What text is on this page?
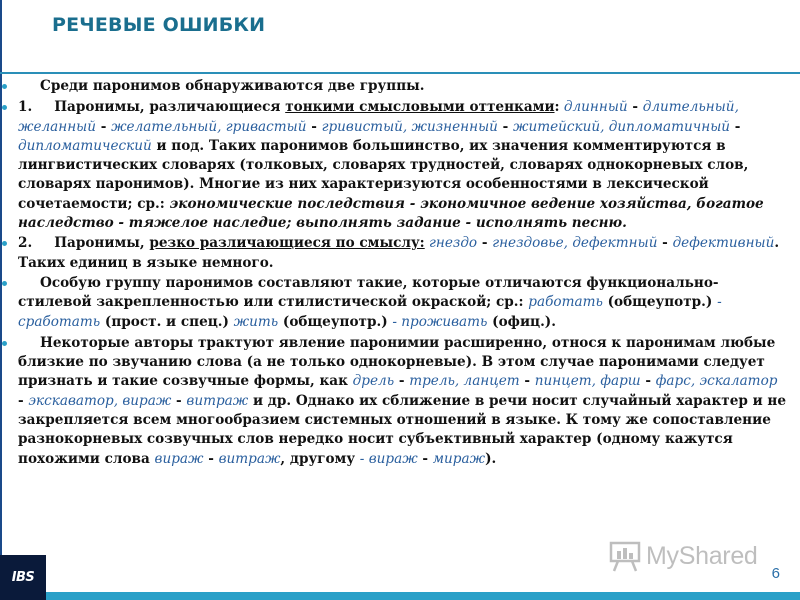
РЕЧЕВЫЕ ОШИБКИ

Среди паронимов обнаруживаются две группы.

1. Паронимы, различающиеся тонкими смысловыми оттенками: длинный - длительный, желанный - желательный, гривастый - гривистый, жизненный - житейский, дипломатичный - дипломатический и под. Таких паронимов большинство, их значения комментируются в лингвистических словарях (толковых, словарях трудностей, словарях однокорневых слов, словарях паронимов). Многие из них характеризуются особенностями в лексической сочетаемости; ср.: экономические последствия - экономичное ведение хозяйства, богатое наследство - тяжелое наследие; выполнять задание - исполнять песню.

2. Паронимы, резко различающиеся по смыслу: гнездо - гнездовье, дефектный - дефективный. Таких единиц в языке немного.

Особую группу паронимов составляют такие, которые отличаются функционально-стилевой закрепленностью или стилистической окраской; ср.: работать (общеупотр.) - сработать (прост. и спец.) жить (общеупотр.) - проживать (офиц.).

Некоторые авторы трактуют явление паронимии расширенно, относя к паронимам любые близкие по звучанию слова (а не только однокорневые). В этом случае паронимами следует признать и такие созвучные формы, как дрель - трель, ланцет - пинцет, фарш - фарс, эскалатор - экскаватор, вираж - витраж и др. Однако их сближение в речи носит случайный характер и не закрепляется всем многообразием системных отношений в языке. К тому же сопоставление разнокорневых созвучных слов нередко носит субъективный характер (одному кажутся похожими слова вираж - витраж, другому - вираж - мираж).

MyShared
IBS	6
